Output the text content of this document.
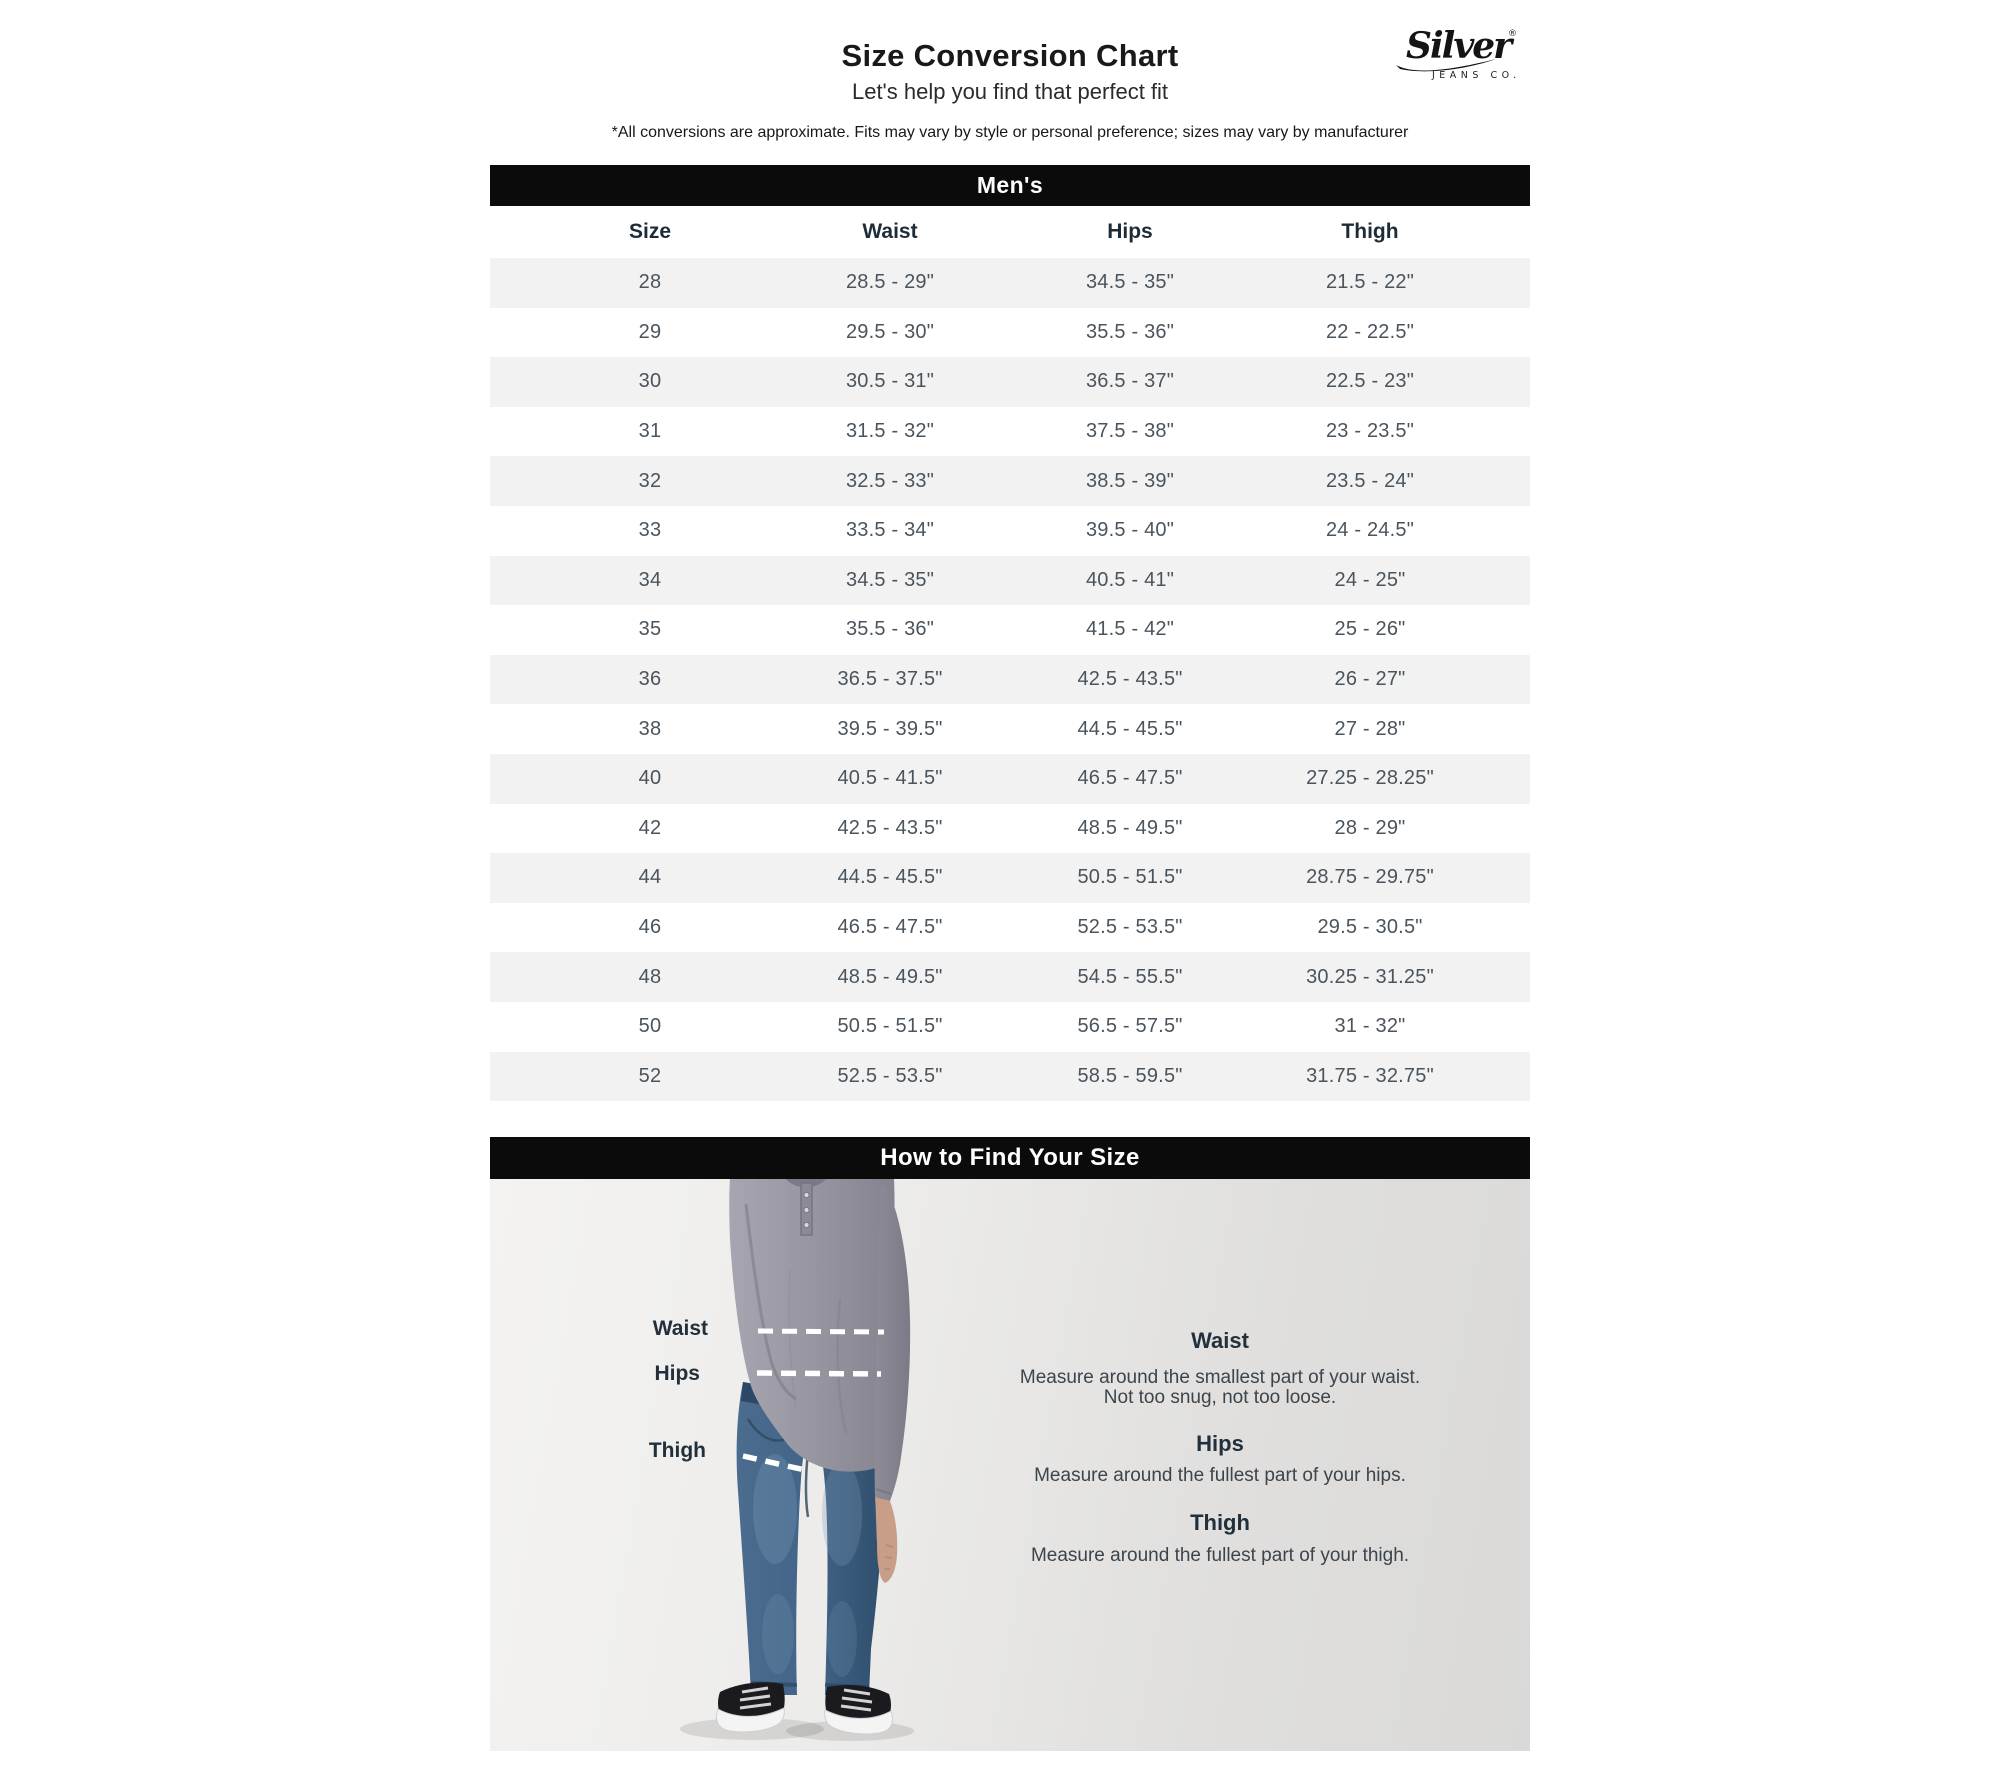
Silver
®
JEANS CO.
Size Conversion Chart
Let's help you find that perfect fit
*All conversions are approximate. Fits may vary by style or personal preference; sizes may vary by manufacturer
Men's
Size	Waist	Hips	Thigh
28	28.5 - 29"	34.5 - 35"	21.5 - 22"
29	29.5 - 30"	35.5 - 36"	22 - 22.5"
30	30.5 - 31"	36.5 - 37"	22.5 - 23"
31	31.5 - 32"	37.5 - 38"	23 - 23.5"
32	32.5 - 33"	38.5 - 39"	23.5 - 24"
33	33.5 - 34"	39.5 - 40"	24 - 24.5"
34	34.5 - 35"	40.5 - 41"	24 - 25"
35	35.5 - 36"	41.5 - 42"	25 - 26"
36	36.5 - 37.5"	42.5 - 43.5"	26 - 27"
38	39.5 - 39.5"	44.5 - 45.5"	27 - 28"
40	40.5 - 41.5"	46.5 - 47.5"	27.25 - 28.25"
42	42.5 - 43.5"	48.5 - 49.5"	28 - 29"
44	44.5 - 45.5"	50.5 - 51.5"	28.75 - 29.75"
46	46.5 - 47.5"	52.5 - 53.5"	29.5 - 30.5"
48	48.5 - 49.5"	54.5 - 55.5"	30.25 - 31.25"
50	50.5 - 51.5"	56.5 - 57.5"	31 - 32"
52	52.5 - 53.5"	58.5 - 59.5"	31.75 - 32.75"
How to Find Your Size
Waist
Hips
Thigh
Waist
Measure around the smallest part of your waist.
Not too snug, not too loose.
Hips
Measure around the fullest part of your hips.
Thigh
Measure around the fullest part of your thigh.
